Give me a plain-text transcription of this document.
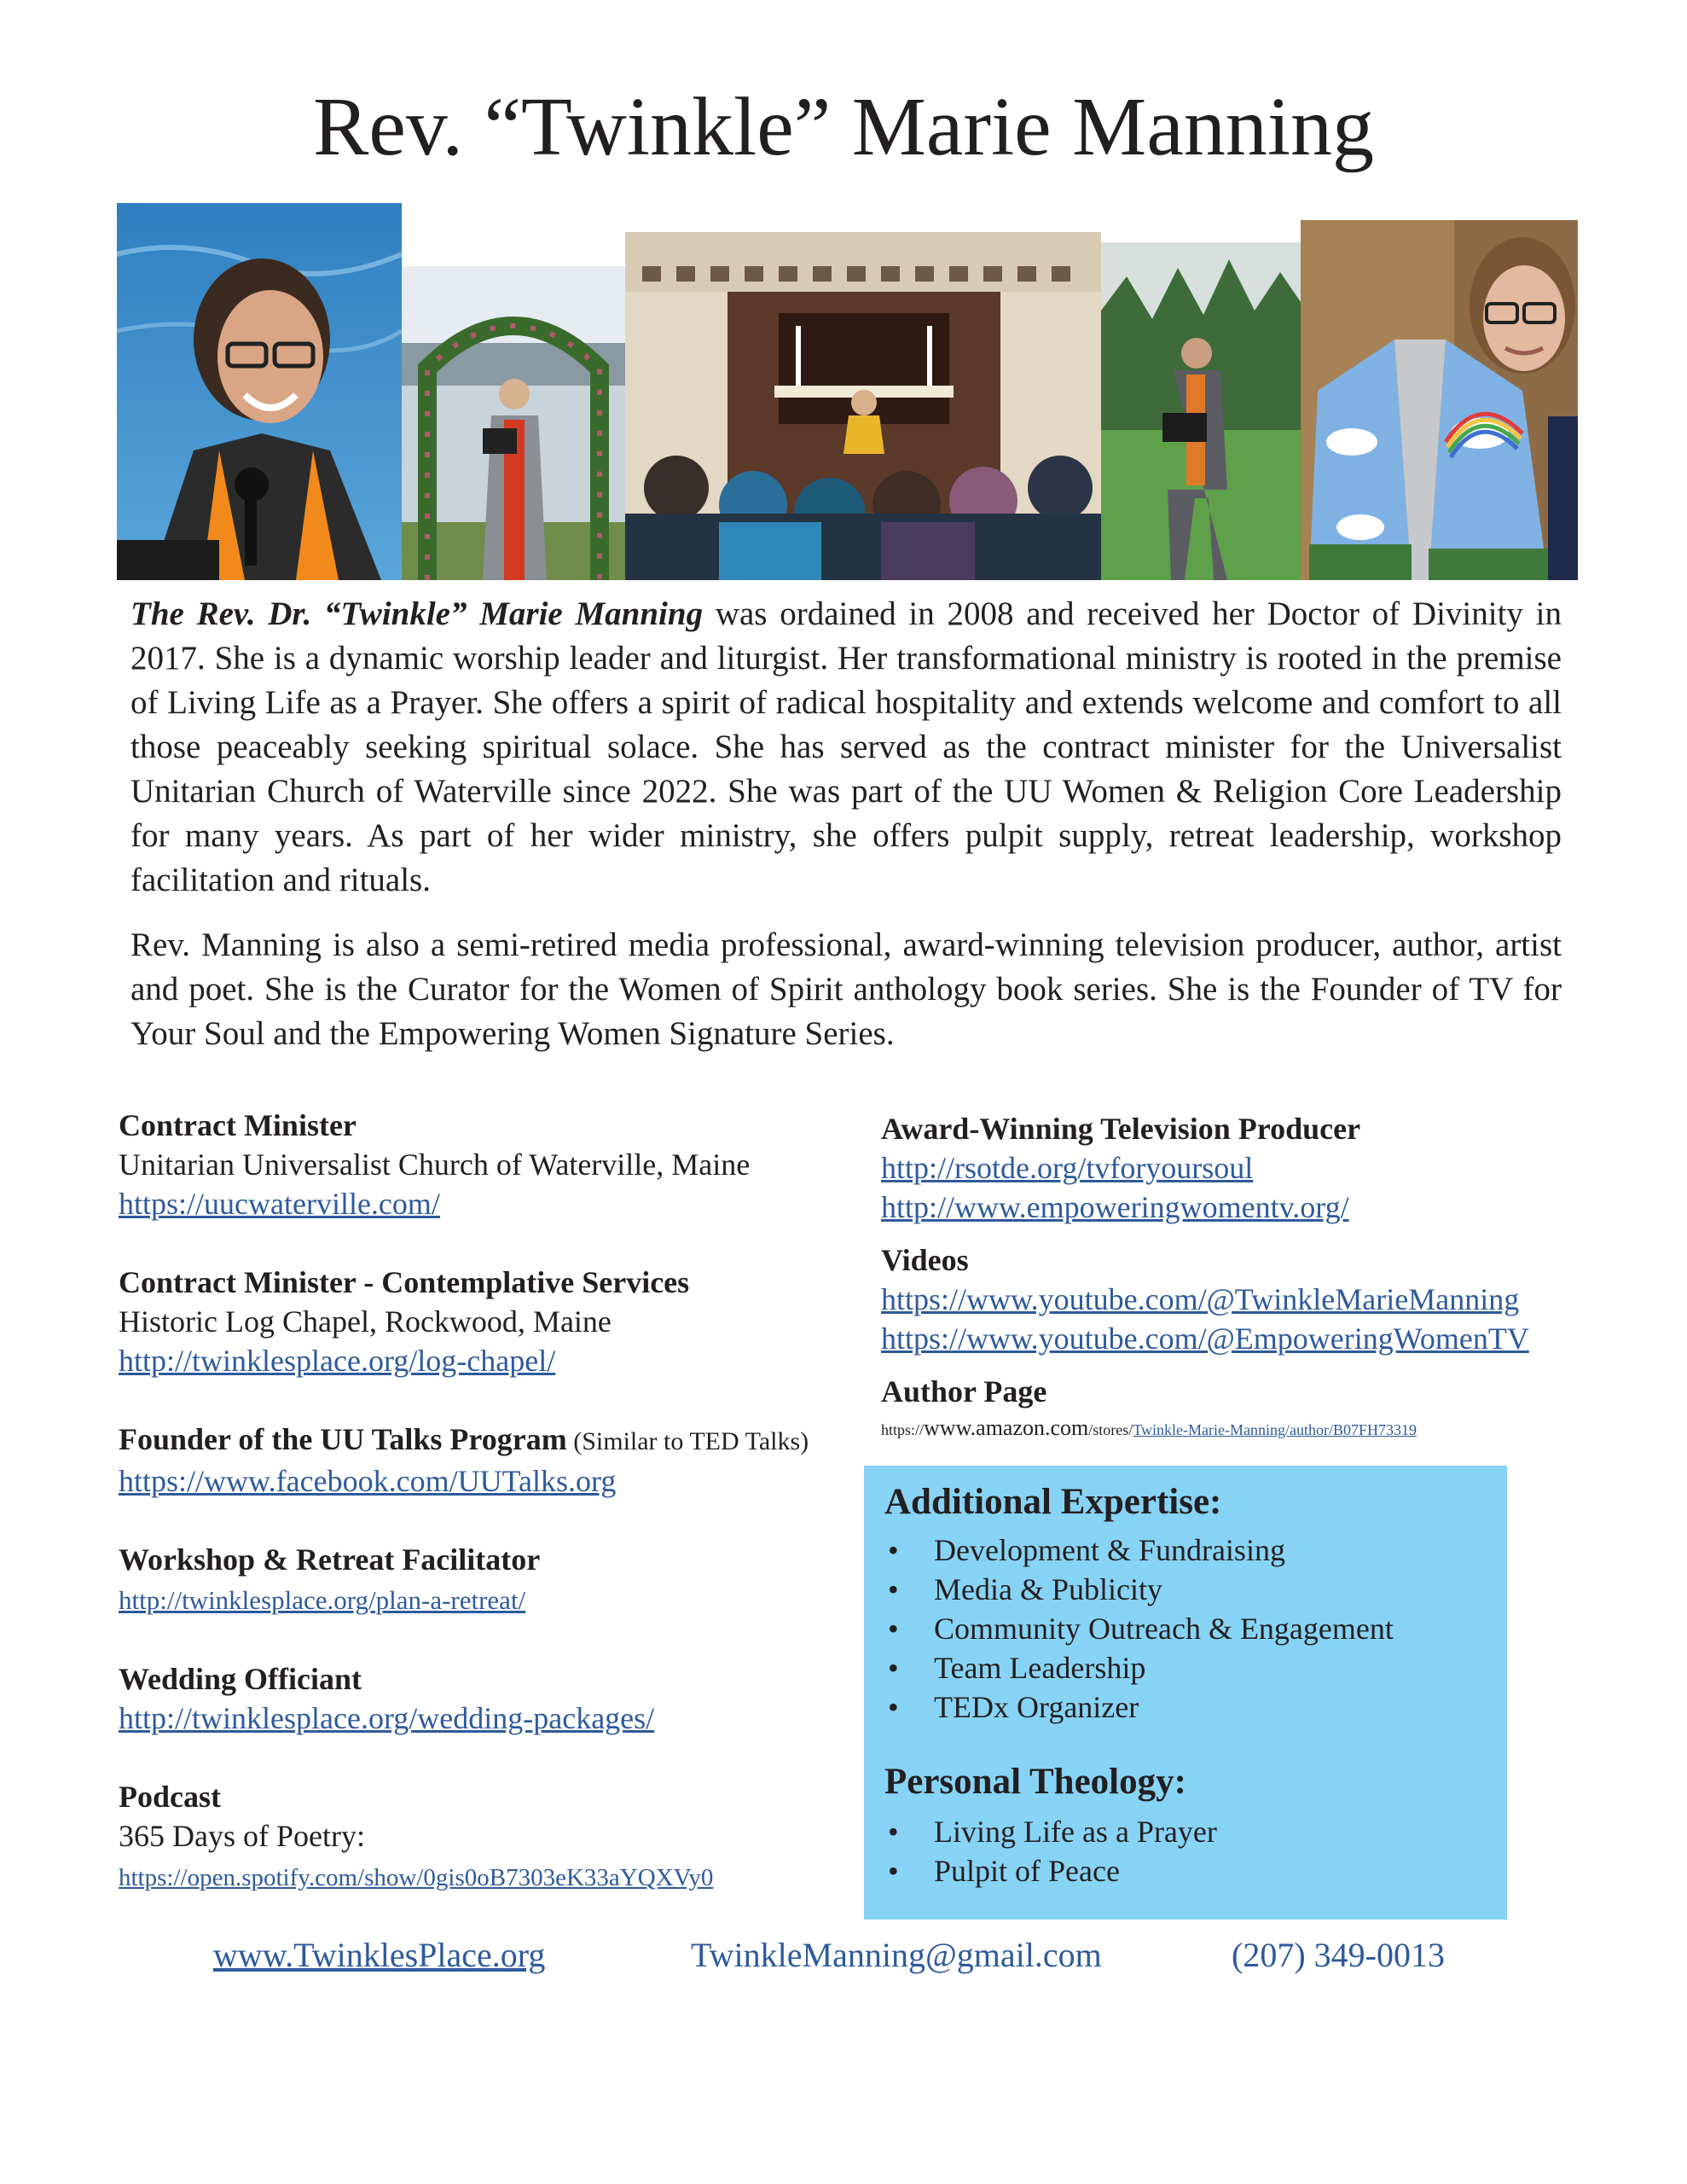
Rev. “Twinkle” Marie Manning

The Rev. Dr. “Twinkle” Marie Manning was ordained in 2008 and received her Doctor of Divinity in 2017. She is a dynamic worship leader and liturgist. Her transformational ministry is rooted in the premise of Living Life as a Prayer. She offers a spirit of radical hospitality and extends welcome and comfort to all those peaceably seeking spiritual solace. She has served as the contract minister for the Universalist Unitarian Church of Waterville since 2022. She was part of the UU Women & Religion Core Leadership for many years. As part of her wider ministry, she offers pulpit supply, retreat leadership, workshop facilitation and rituals.

Rev. Manning is also a semi-retired media professional, award-winning television producer, author, artist and poet. She is the Curator for the Women of Spirit anthology book series. She is the Founder of TV for Your Soul and the Empowering Women Signature Series.

Contract Minister
Unitarian Universalist Church of Waterville, Maine
https://uucwaterville.com/
Contract Minister - Contemplative Services
Historic Log Chapel, Rockwood, Maine
http://twinklesplace.org/log-chapel/
Founder of the UU Talks Program (Similar to TED Talks)
https://www.facebook.com/UUTalks.org
Workshop & Retreat Facilitator
http://twinklesplace.org/plan-a-retreat/
Wedding Officiant
http://twinklesplace.org/wedding-packages/
Podcast
365 Days of Poetry:
https://open.spotify.com/show/0gis0oB7303eK33aYQXVy0
Award-Winning Television Producer
http://rsotde.org/tvforyoursoul
http://www.empoweringwomentv.org/
Videos
https://www.youtube.com/@TwinkleMarieManning
https://www.youtube.com/@EmpoweringWomenTV
Author Page
https://www.amazon.com/stores/Twinkle-Marie-Manning/author/B07FH73319
Additional Expertise:
• Development & Fundraising
• Media & Publicity
• Community Outreach & Engagement
• Team Leadership
• TEDx Organizer
Personal Theology:
• Living Life as a Prayer
• Pulpit of Peace
www.TwinklesPlace.org	TwinkleManning@gmail.com	(207) 349-0013
